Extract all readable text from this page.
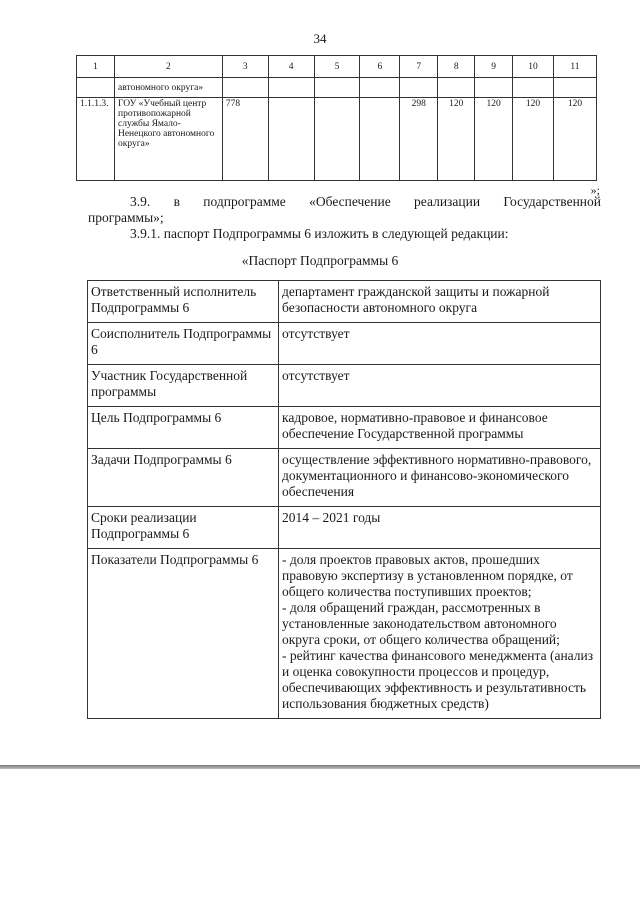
34
1	2	3	4	5	6	7	8	9	10	11
	автономного округа»									
1.1.1.3.	ГОУ «Учебный центр противопожарной службы Ямало-Ненецкого автономного округа»	778				298	120	120	120	120
»;
3.9. в подпрограмме «Обеспечение реализации Государственной
программы»;
3.9.1. паспорт Подпрограммы 6 изложить в следующей редакции:
«Паспорт Подпрограммы 6
Ответственный исполнитель Подпрограммы 6	департамент гражданской защиты и пожарной безопасности автономного округа
Соисполнитель Подпрограммы 6	отсутствует
Участник Государственной программы	отсутствует
Цель Подпрограммы 6	кадровое, нормативно-правовое и финансовое обеспечение Государственной программы
Задачи Подпрограммы 6	осуществление эффективного нормативно-правового, документационного и финансово-экономического обеспечения
Сроки реализации Подпрограммы 6	2014 – 2021 годы
Показатели Подпрограммы 6	- доля проектов правовых актов, прошедших правовую экспертизу в установленном порядке, от общего количества поступивших проектов;
- доля обращений граждан, рассмотренных в установленные законодательством автономного округа сроки, от общего количества обращений;
- рейтинг качества финансового менеджмента (анализ и оценка совокупности процессов и процедур, обеспечивающих эффективность и результативность использования бюджетных средств)
